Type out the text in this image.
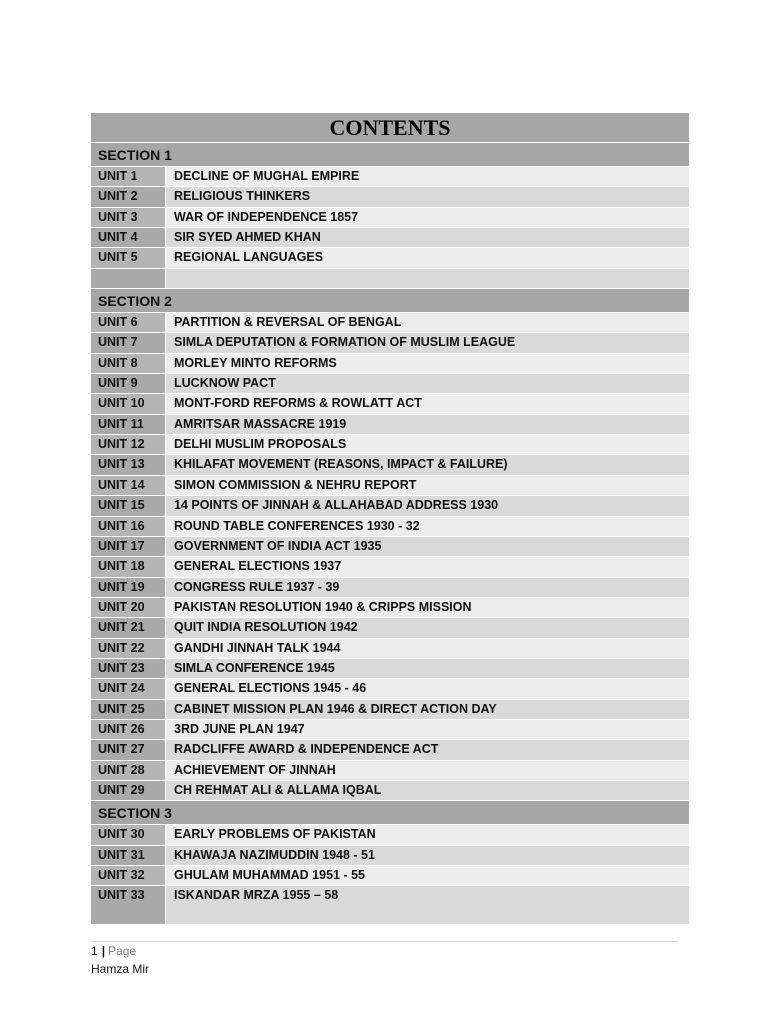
CONTENTS
SECTION 1
UNIT 1	DECLINE OF MUGHAL EMPIRE
UNIT 2	RELIGIOUS THINKERS
UNIT 3	WAR OF INDEPENDENCE 1857
UNIT 4	SIR SYED AHMED KHAN
UNIT 5	REGIONAL LANGUAGES
SECTION 2
UNIT 6	PARTITION & REVERSAL OF BENGAL
UNIT 7	SIMLA DEPUTATION & FORMATION OF MUSLIM LEAGUE
UNIT 8	MORLEY MINTO REFORMS
UNIT 9	LUCKNOW PACT
UNIT 10	MONT-FORD REFORMS & ROWLATT ACT
UNIT 11	AMRITSAR MASSACRE 1919
UNIT 12	DELHI MUSLIM PROPOSALS
UNIT 13	KHILAFAT MOVEMENT (REASONS, IMPACT & FAILURE)
UNIT 14	SIMON COMMISSION & NEHRU REPORT
UNIT 15	14 POINTS OF JINNAH & ALLAHABAD ADDRESS 1930
UNIT 16	ROUND TABLE CONFERENCES 1930 - 32
UNIT 17	GOVERNMENT OF INDIA ACT 1935
UNIT 18	GENERAL ELECTIONS 1937
UNIT 19	CONGRESS RULE 1937 - 39
UNIT 20	PAKISTAN RESOLUTION 1940 & CRIPPS MISSION
UNIT 21	QUIT INDIA RESOLUTION 1942
UNIT 22	GANDHI JINNAH TALK 1944
UNIT 23	SIMLA CONFERENCE 1945
UNIT 24	GENERAL ELECTIONS 1945 - 46
UNIT 25	CABINET MISSION PLAN 1946 & DIRECT ACTION DAY
UNIT 26	3RD JUNE PLAN 1947
UNIT 27	RADCLIFFE AWARD & INDEPENDENCE ACT
UNIT 28	ACHIEVEMENT OF JINNAH
UNIT 29	CH REHMAT ALI & ALLAMA IQBAL
SECTION 3
UNIT 30	EARLY PROBLEMS OF PAKISTAN
UNIT 31	KHAWAJA NAZIMUDDIN 1948 - 51
UNIT 32	GHULAM MUHAMMAD 1951 - 55
UNIT 33	ISKANDAR MRZA 1955 – 58
1 | Page
Hamza Mir
